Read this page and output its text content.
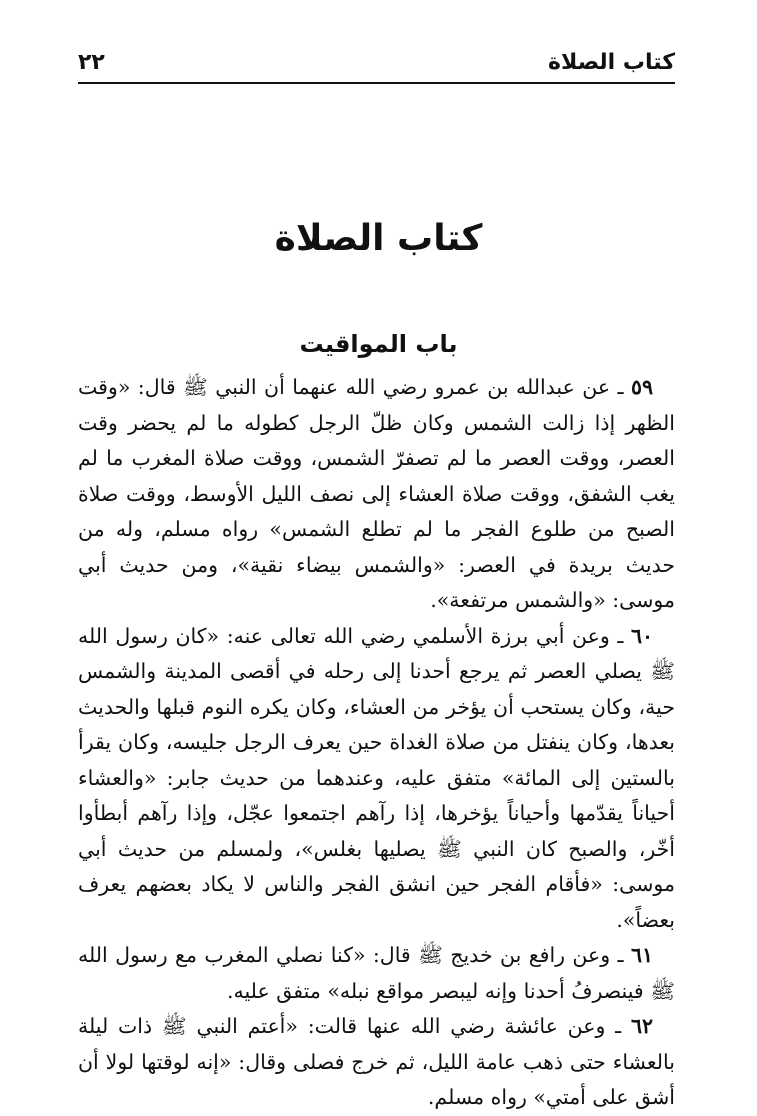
كتاب الصلاة
٢٢
كتاب الصلاة
باب المواقيت

٥٩ ـ عن عبدالله بن عمرو رضي الله عنهما أن النبي ﷺ قال: «وقت الظهر إذا زالت الشمس وكان ظلّ الرجل كطوله ما لم يحضر وقت العصر، ووقت العصر ما لم تصفرّ الشمس، ووقت صلاة المغرب ما لم يغب الشفق، ووقت صلاة العشاء إلى نصف الليل الأوسط، ووقت صلاة الصبح من طلوع الفجر ما لم تطلع الشمس» رواه مسلم، وله من حديث بريدة في العصر: «والشمس بيضاء نقية»، ومن حديث أبي موسى: «والشمس مرتفعة».

٦٠ ـ وعن أبي برزة الأسلمي رضي الله تعالى عنه: «كان رسول الله ﷺ يصلي العصر ثم يرجع أحدنا إلى رحله في أقصى المدينة والشمس حية، وكان يستحب أن يؤخر من العشاء، وكان يكره النوم قبلها والحديث بعدها، وكان ينفتل من صلاة الغداة حين يعرف الرجل جليسه، وكان يقرأ بالستين إلى المائة» متفق عليه، وعندهما من حديث جابر: «والعشاء أحياناً يقدّمها وأحياناً يؤخرها، إذا رآهم اجتمعوا عجّل، وإذا رآهم أبطأوا أخّر، والصبح كان النبي ﷺ يصليها بغلس»، ولمسلم من حديث أبي موسى: «فأقام الفجر حين انشق الفجر والناس لا يكاد بعضهم يعرف بعضاً».

٦١ ـ وعن رافع بن خديج ﷺ قال: «كنا نصلي المغرب مع رسول الله ﷺ فينصرفُ أحدنا وإنه ليبصر مواقع نبله» متفق عليه.

٦٢ ـ وعن عائشة رضي الله عنها قالت: «أعتم النبي ﷺ ذات ليلة بالعشاء حتى ذهب عامة الليل، ثم خرج فصلى وقال: «إنه لوقتها لولا أن أشق على أمتي» رواه مسلم.
